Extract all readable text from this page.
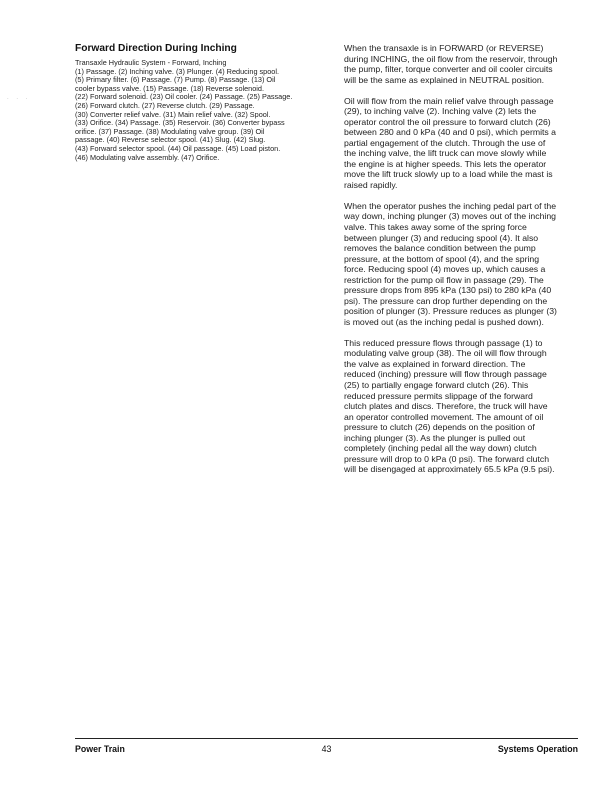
. . .
Forward Direction During Inching
Transaxle Hydraulic System - Forward, Inching
(1) Passage. (2) Inching valve. (3) Plunger. (4) Reducing spool.
(5) Primary filter. (6) Passage. (7) Pump. (8) Passage. (13) Oil
cooler bypass valve. (15) Passage. (18) Reverse solenoid.
(22) Forward solenoid. (23) Oil cooler. (24) Passage. (25) Passage.
(26) Forward clutch. (27) Reverse clutch. (29) Passage.
(30) Converter relief valve. (31) Main relief valve. (32) Spool.
(33) Orifice. (34) Passage. (35) Reservoir. (36) Converter bypass
orifice. (37) Passage. (38) Modulating valve group. (39) Oil
passage. (40) Reverse selector spool. (41) Slug. (42) Slug.
(43) Forward selector spool. (44) Oil passage. (45) Load piston.
(46) Modulating valve assembly. (47) Orifice.
When the transaxle is in FORWARD (or REVERSE)
during INCHING, the oil flow from the reservoir, through
the pump, filter, torque converter and oil cooler circuits
will be the same as explained in NEUTRAL position.
Oil will flow from the main relief valve through passage
(29), to inching valve (2). Inching valve (2) lets the
operator control the oil pressure to forward clutch (26)
between 280 and 0 kPa (40 and 0 psi), which permits a
partial engagement of the clutch. Through the use of
the inching valve, the lift truck can move slowly while
the engine is at higher speeds. This lets the operator
move the lift truck slowly up to a load while the mast is
raised rapidly.
When the operator pushes the inching pedal part of the
way down, inching plunger (3) moves out of the inching
valve. This takes away some of the spring force
between plunger (3) and reducing spool (4). It also
removes the balance condition between the pump
pressure, at the bottom of spool (4), and the spring
force. Reducing spool (4) moves up, which causes a
restriction for the pump oil flow in passage (29). The
pressure drops from 895 kPa (130 psi) to 280 kPa (40
psi). The pressure can drop further depending on the
position of plunger (3). Pressure reduces as plunger (3)
is moved out (as the inching pedal is pushed down).
This reduced pressure flows through passage (1) to
modulating valve group (38). The oil will flow through
the valve as explained in forward direction. The
reduced (inching) pressure will flow through passage
(25) to partially engage forward clutch (26). This
reduced pressure permits slippage of the forward
clutch plates and discs. Therefore, the truck will have
an operator controlled movement. The amount of oil
pressure to clutch (26) depends on the position of
inching plunger (3). As the plunger is pulled out
completely (inching pedal all the way down) clutch
pressure will drop to 0 kPa (0 psi). The forward clutch
will be disengaged at approximately 65.5 kPa (9.5 psi).
Power Train	43	Systems Operation
